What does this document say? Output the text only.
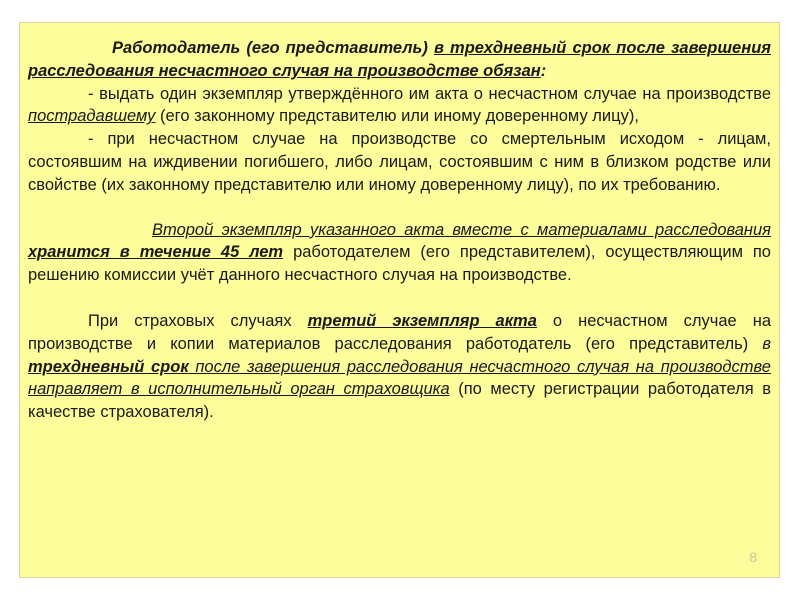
Работодатель (его представитель) в трехдневный срок после завершения расследования несчастного случая на производстве обязан:

- выдать один экземпляр утверждённого им акта о несчастном случае на производстве пострадавшему (его законному представителю или иному доверенному лицу),

- при несчастном случае на производстве со смертельным исходом - лицам, состоявшим на иждивении погибшего, либо лицам, состоявшим с ним в близком родстве или свойстве (их законному представителю или иному доверенному лицу), по их требованию.

Второй экземпляр указанного акта вместе с материалами расследования хранится в течение 45 лет работодателем (его представителем), осуществляющим по решению комиссии учёт данного несчастного случая на производстве.

При страховых случаях третий экземпляр акта о несчастном случае на производстве и копии материалов расследования работодатель (его представитель) в трехдневный срок после завершения расследования несчастного случая на производстве направляет в исполнительный орган страховщика (по месту регистрации работодателя в качестве страхователя).

8
